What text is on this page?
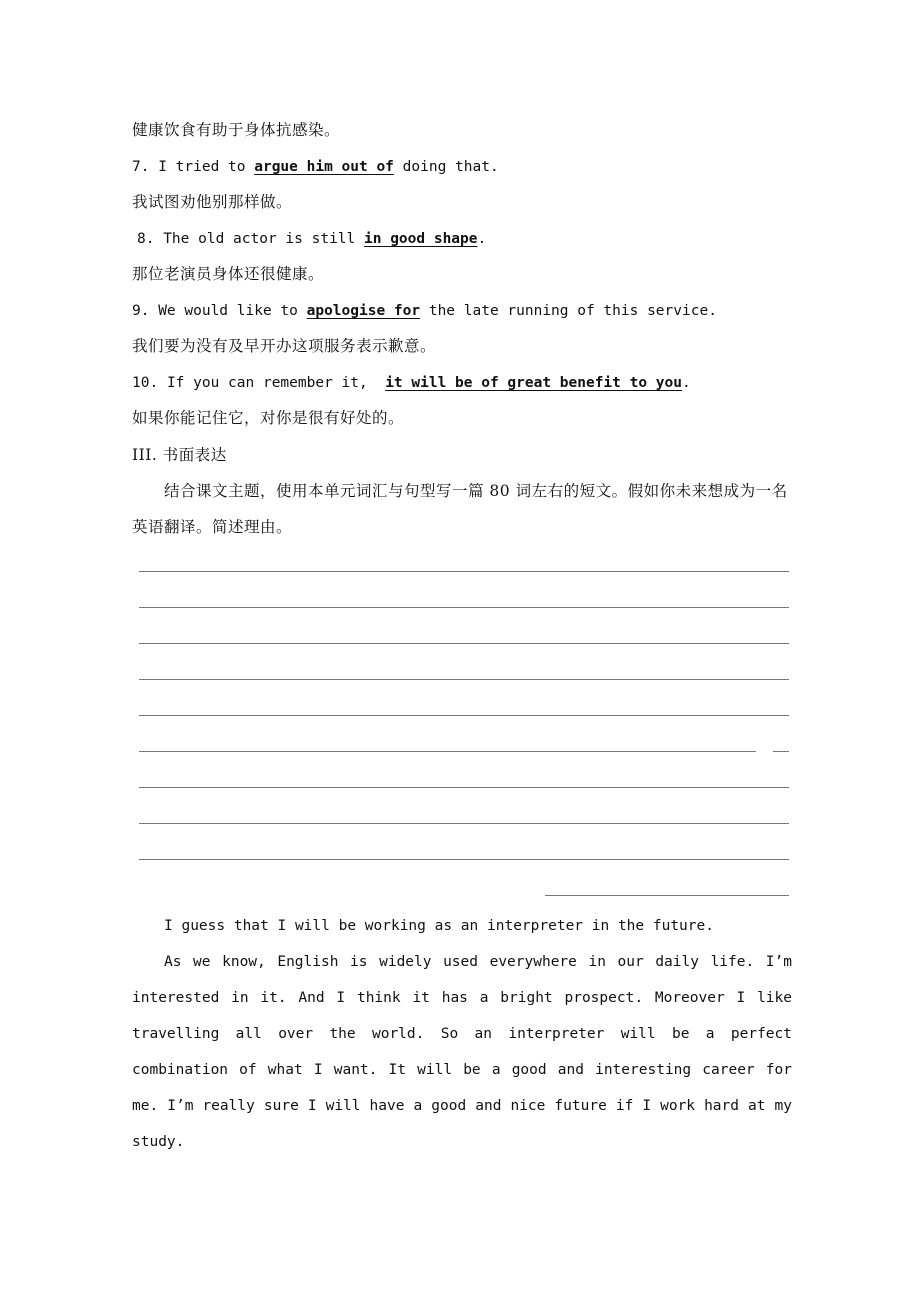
健康饮食有助于身体抗感染。
7. I tried to argue him out of doing that.
我试图劝他别那样做。
8. The old actor is still in good shape.
那位老演员身体还很健康。
9. We would like to apologise for the late running of this service.
我们要为没有及早开办这项服务表示歉意。
10. If you can remember it,  it will be of great benefit to you.
如果你能记住它，对你是很有好处的。
III. 书面表达
结合课文主题，使用本单元词汇与句型写一篇 80 词左右的短文。假如你未来想成为一名
英语翻译。简述理由。
I guess that I will be working as an interpreter in the future.
As we know, English is widely used everywhere in our daily life. I’m interested in it. And I think it has a bright prospect. Moreover I like travelling all over the world. So an interpreter will be a perfect combination of what I want. It will be a good and interesting career for me. I’m really sure I will have a good and nice future if I work hard at my study.
